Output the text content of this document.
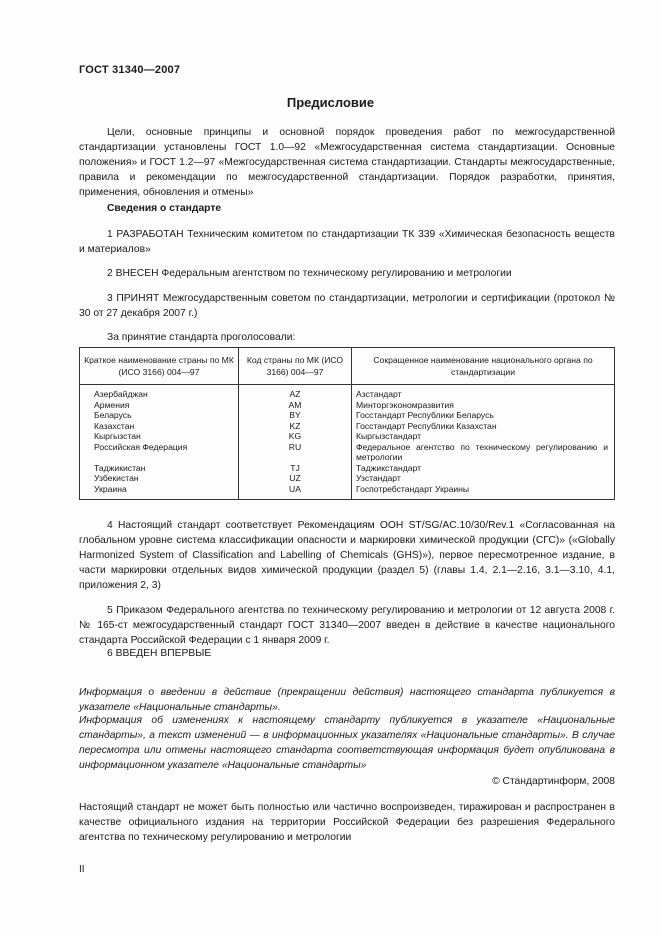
ГОСТ 31340—2007
Предисловие
Цели, основные принципы и основной порядок проведения работ по межгосударственной стандартизации установлены ГОСТ 1.0—92 «Межгосударственная система стандартизации. Основные положения» и ГОСТ 1.2—97 «Межгосударственная система стандартизации. Стандарты межгосударственные, правила и рекомендации по межгосударственной стандартизации. Порядок разработки, принятия, применения, обновления и отмены»
Сведения о стандарте
1 РАЗРАБОТАН Техническим комитетом по стандартизации ТК 339 «Химическая безопасность веществ и материалов»
2 ВНЕСЕН Федеральным агентством по техническому регулированию и метрологии
3 ПРИНЯТ Межгосударственным советом по стандартизации, метрологии и сертификации (протокол № 30 от 27 декабря 2007 г.)
За принятие стандарта проголосовали:
Краткое наименование страны по МК (ИСО 3166) 004—97	Код страны по МК (ИСО 3166) 004—97	Сокращенное наименование национального органа по стандартизации
Азербайджан	AZ	Азстандарт
Армения	AM	Минторгэкономразвития
Беларусь	BY	Госстандарт Республики Беларусь
Казахстан	KZ	Госстандарт Республики Казахстан
Кыргызстан	KG	Кыргызстандарт
Российская Федерация	RU	Федеральное агентство по техническому регулированию и метрологии
Таджикистан	TJ	Таджикстандарт
Узбекистан	UZ	Узстандарт
Украина	UA	Госпотребстандарт Украины
4 Настоящий стандарт соответствует Рекомендациям ООН ST/SG/AC.10/30/Rev.1 «Согласованная на глобальном уровне система классификации опасности и маркировки химической продукции (СГС)» («Globally Harmonized System of Classification and Labelling of Chemicals (GHS)»), первое пересмотренное издание, в части маркировки отдельных видов химической продукции (раздел 5) (главы 1.4, 2.1—2.16, 3.1—3.10, 4.1, приложения 2, 3)
5 Приказом Федерального агентства по техническому регулированию и метрологии от 12 августа 2008 г. № 165-ст межгосударственный стандарт ГОСТ 31340—2007 введен в действие в качестве национального стандарта Российской Федерации с 1 января 2009 г.
6 ВВЕДЕН ВПЕРВЫЕ
Информация о введении в действие (прекращении действия) настоящего стандарта публикуется в указателе «Национальные стандарты».
Информация об изменениях к настоящему стандарту публикуется в указателе «Национальные стандарты», а текст изменений — в информационных указателях «Национальные стандарты». В случае пересмотра или отмены настоящего стандарта соответствующая информация будет опубликована в информационном указателе «Национальные стандарты»
© Стандартинформ, 2008
Настоящий стандарт не может быть полностью или частично воспроизведен, тиражирован и распространен в качестве официального издания на территории Российской Федерации без разрешения Федерального агентства по техническому регулированию и метрологии
II
